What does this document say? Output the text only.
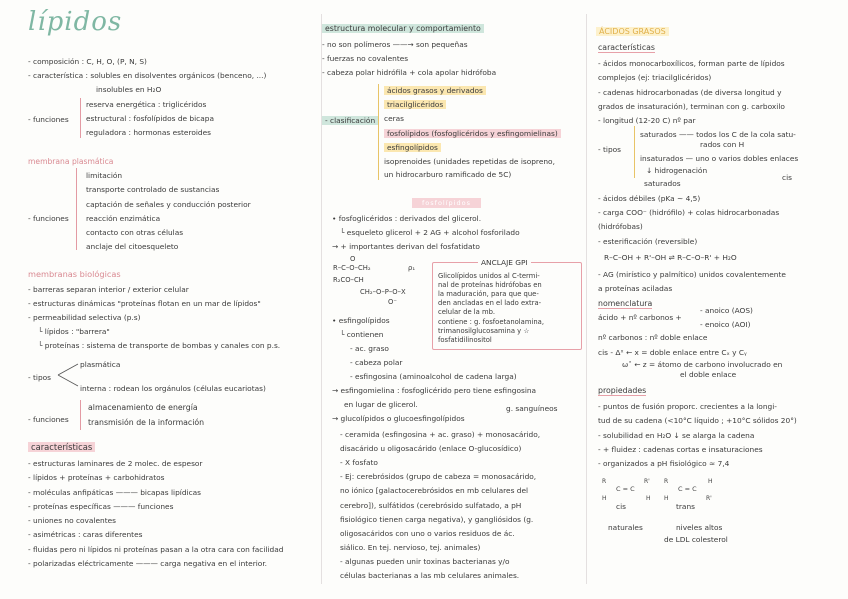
lípidos
- composición : C, H, O, (P, N, S)
- característica : solubles en disolventes orgánicos (benceno, ...)
insolubles en H₂O
reserva energética : triglicéridos
- funciones estructural : fosfolípidos de bicapa
reguladora : hormonas esteroides
membrana plasmática
limitación
transporte controlado de sustancias
captación de señales y conducción posterior
- funciones reacción enzimática
contacto con otras células
anclaje del citoesqueleto
membranas biológicas
- barreras separan interior / exterior celular
- estructuras dinámicas "proteínas flotan en un mar de lípidos"
- permeabilidad selectiva (p.s)
└ lípidos : "barrera"
└ proteínas : sistema de transporte de bombas y canales con p.s.
plasmática
- tipos
interna : rodean los orgánulos (células eucariotas)
almacenamiento de energía
- funciones transmisión de la información
características
- estructuras laminares de 2 molec. de espesor
- lípidos + proteínas + carbohidratos
- moléculas anfipáticas ——— bicapas lipídicas
- proteínas específicas ——— funciones
- uniones no covalentes
- asimétricas : caras diferentes
- fluidas pero ni lípidos ni proteínas pasan a la otra cara con facilidad
- polarizadas eléctricamente ——— carga negativa en el interior.
estructura molecular y comportamiento
- no son polímeros ——→ son pequeñas
- fuerzas no covalentes
- cabeza polar hidrófila + cola apolar hidrófoba
ácidos grasos y derivados
triacilglicéridos
ceras
- clasificación
fosfolípidos (fosfoglicéridos y esfingomielinas)
esfingolípidos
isoprenoides (unidades repetidas de isopreno,
un hidrocarburo ramificado de 5C)
fosfolípidos
• fosfoglicéridos : derivados del glicerol.
└ esqueleto glicerol + 2 AG + alcohol fosforilado
→ + importantes derivan del fosfatidato
O
R–C–O–CH₂
R₂CO–CH
CH₂–O–P–O–X
O⁻
ρ₁
ANCLAJE GPI
Glicolípidos unidos al C-termi-
nal de proteínas hidrófobas en
la maduración, para que que-
den ancladas en el lado extra-
celular de la mb.
contiene : g. fosfoetanolamina,
trimanosilglucosamina y ☆
fosfatidilinositol
• esfingolípidos
└ contienen
- ac. graso
- cabeza polar
- esfingosina (aminoalcohol de cadena larga)
→ esfingomielina : fosfoglicérido pero tiene esfingosina
en lugar de glicerol.
→ glucolípidos o glucoesfingolípidos
g. sanguíneos
- ceramida (esfingosina + ac. graso) + monosacárido,
disacárido u oligosacárido (enlace O-glucosídico)
- X fosfato
- Ej: cerebrósidos (grupo de cabeza = monosacárido,
no iónico [galactocerebrósidos en mb celulares del
cerebro]), sulfátidos (cerebrósido sulfatado, a pH
fisiológico tienen carga negativa), y gangliósidos (g.
oligosacáridos con uno o varios residuos de ác.
siálico. En tej. nervioso, tej. animales)
- algunas pueden unir toxinas bacterianas y/o
células bacterianas a las mb celulares animales.
ÁCIDOS GRASOS
características
- ácidos monocarboxílicos, forman parte de lípidos
complejos (ej: triacilglicéridos)
- cadenas hidrocarbonadas (de diversa longitud y
grados de insaturación), terminan con g. carboxilo
- longitud (12-20 C) nº par
saturados —— todos los C de la cola satu-
rados con H
- tipos
insaturados — uno o varios dobles enlaces
↓ hidrogenación
saturados
cis
- ácidos débiles (pKa ~ 4,5)
- carga COO⁻ (hidrófilo) + colas hidrocarbonadas
(hidrófobas)
- esterificación (reversible)
R–C–OH + R'–OH ⇌ R–C–O–R' + H₂O
- AG (mirístico y palmítico) unidos covalentemente
a proteínas aciladas
nomenclatura
- anoico (AOS)
ácido + nº carbonos +
- enoico (AOI)
nº carbonos : nº doble enlace
cis - Δˣ ← x = doble enlace entre Cₓ y Cᵧ
ω˟ ← z = átomo de carbono involucrado en
el doble enlace
propiedades
- puntos de fusión proporc. crecientes a la longi-
tud de su cadena (<10°C líquido ; +10°C sólidos 20°)
- solubilidad en H₂O ↓ se alarga la cadena
- + fluidez : cadenas cortas e insaturaciones
- organizados a pH fisiológico ≈ 7,4
R	R'
C = C
H	H
R	H
C = C
H	R'
cis	trans
naturales	niveles altos
de LDL colesterol
